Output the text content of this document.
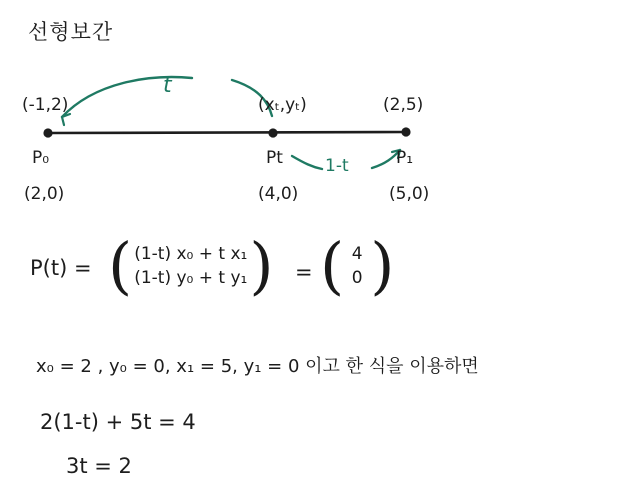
선형보간
t
1-t
(-1,2)
P₀
(2,0)
(xₜ,yₜ)
Pt
(4,0)
(2,5)
P₁
(5,0)
P(t) = ( (1-t) x₀ + t x₁
(1-t) y₀ + t y₁ ) = ( 4
0 )
x₀ = 2 , y₀ = 0, x₁ = 5, y₁ = 0 이고 한 식을 이용하면
2(1-t) + 5t = 4
3t = 2
